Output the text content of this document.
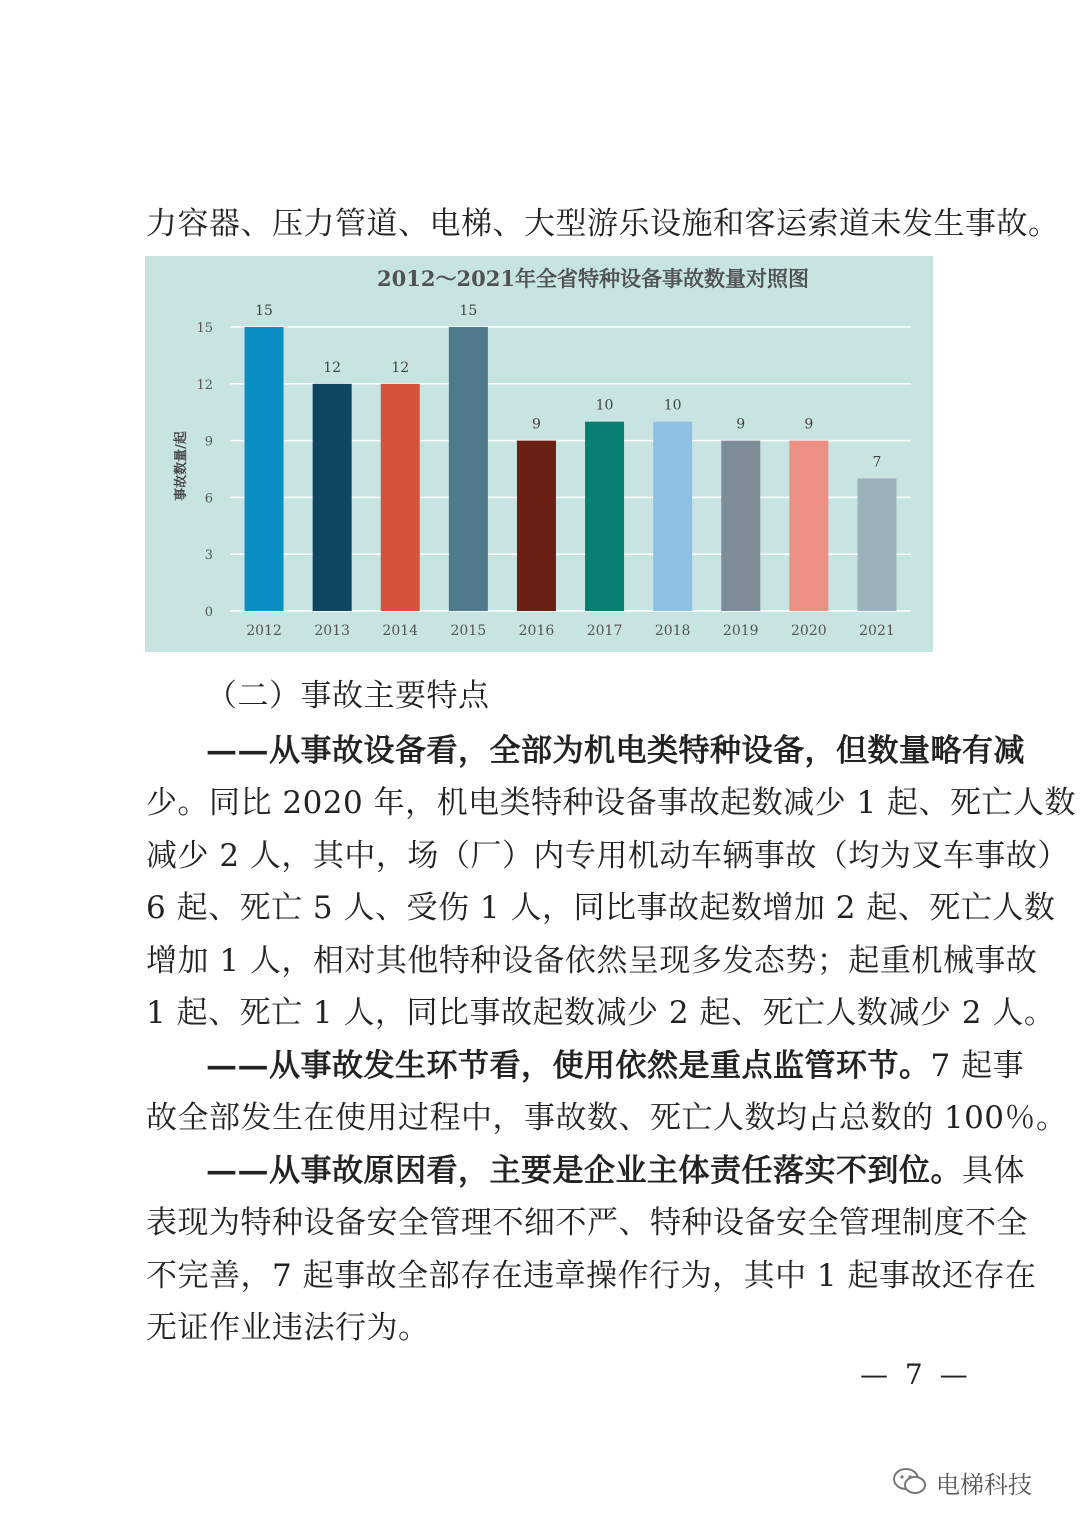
力容器、压力管道、电梯、大型游乐设施和客运索道未发生事故。
2012～2021年全省特种设备事故数量对照图
0
3
6
9
12
15
15
2012
12
2013
12
2014
15
2015
9
2016
10
2017
10
2018
9
2019
9
2020
7
2021
事故数量/起
（二）事故主要特点
——从事故设备看，全部为机电类特种设备，但数量略有减
少。同比 2020 年，机电类特种设备事故起数减少 1 起、死亡人数
减少 2 人，其中，场（厂）内专用机动车辆事故（均为叉车事故）
6 起、死亡 5 人、受伤 1 人，同比事故起数增加 2 起、死亡人数
增加 1 人，相对其他特种设备依然呈现多发态势；起重机械事故
1 起、死亡 1 人，同比事故起数减少 2 起、死亡人数减少 2 人。
——从事故发生环节看，使用依然是重点监管环节。7 起事
故全部发生在使用过程中，事故数、死亡人数均占总数的 100％。
——从事故原因看，主要是企业主体责任落实不到位。具体
表现为特种设备安全管理不细不严、特种设备安全管理制度不全
不完善，7 起事故全部存在违章操作行为，其中 1 起事故还存在
无证作业违法行为。
— 7 —
电梯科技
